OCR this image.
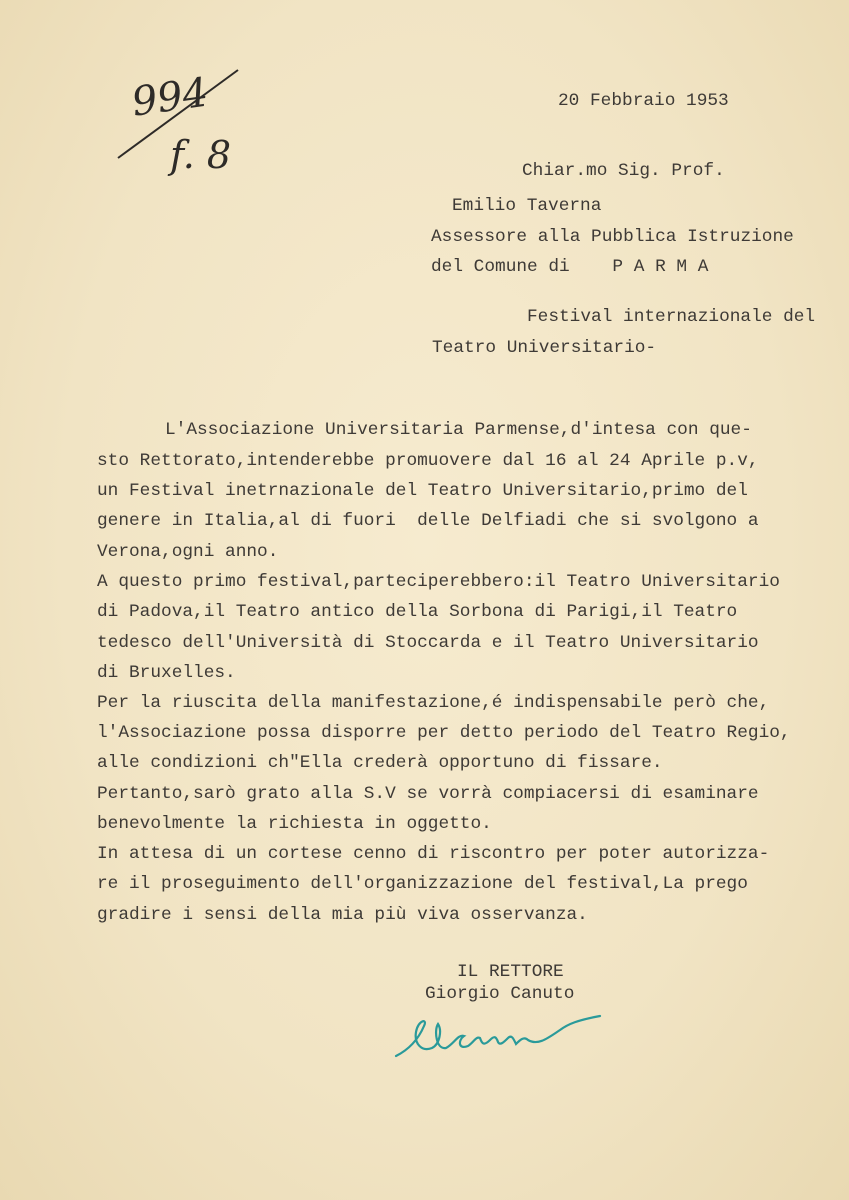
994
f. 8
20 Febbraio 1953
Chiar.mo Sig. Prof.
Emilio Taverna
Assessore alla Pubblica Istruzione
del Comune di    P A R M A
Festival internazionale del
Teatro Universitario-
L'Associazione Universitaria Parmense,d'intesa con que-
sto Rettorato,intenderebbe promuovere dal 16 al 24 Aprile p.v,
un Festival inetrnazionale del Teatro Universitario,primo del
genere in Italia,al di fuori  delle Delfiadi che si svolgono a
Verona,ogni anno.
A questo primo festival,parteciperebbero:il Teatro Universitario
di Padova,il Teatro antico della Sorbona di Parigi,il Teatro
tedesco dell'Università di Stoccarda e il Teatro Universitario
di Bruxelles.
Per la riuscita della manifestazione,é indispensabile però che,
l'Associazione possa disporre per detto periodo del Teatro Regio,
alle condizioni ch"Ella crederà opportuno di fissare.
Pertanto,sarò grato alla S.V se vorrà compiacersi di esaminare
benevolmente la richiesta in oggetto.
In attesa di un cortese cenno di riscontro per poter autorizza-
re il proseguimento dell'organizzazione del festival,La prego
gradire i sensi della mia più viva osservanza.
IL RETTORE
Giorgio Canuto
